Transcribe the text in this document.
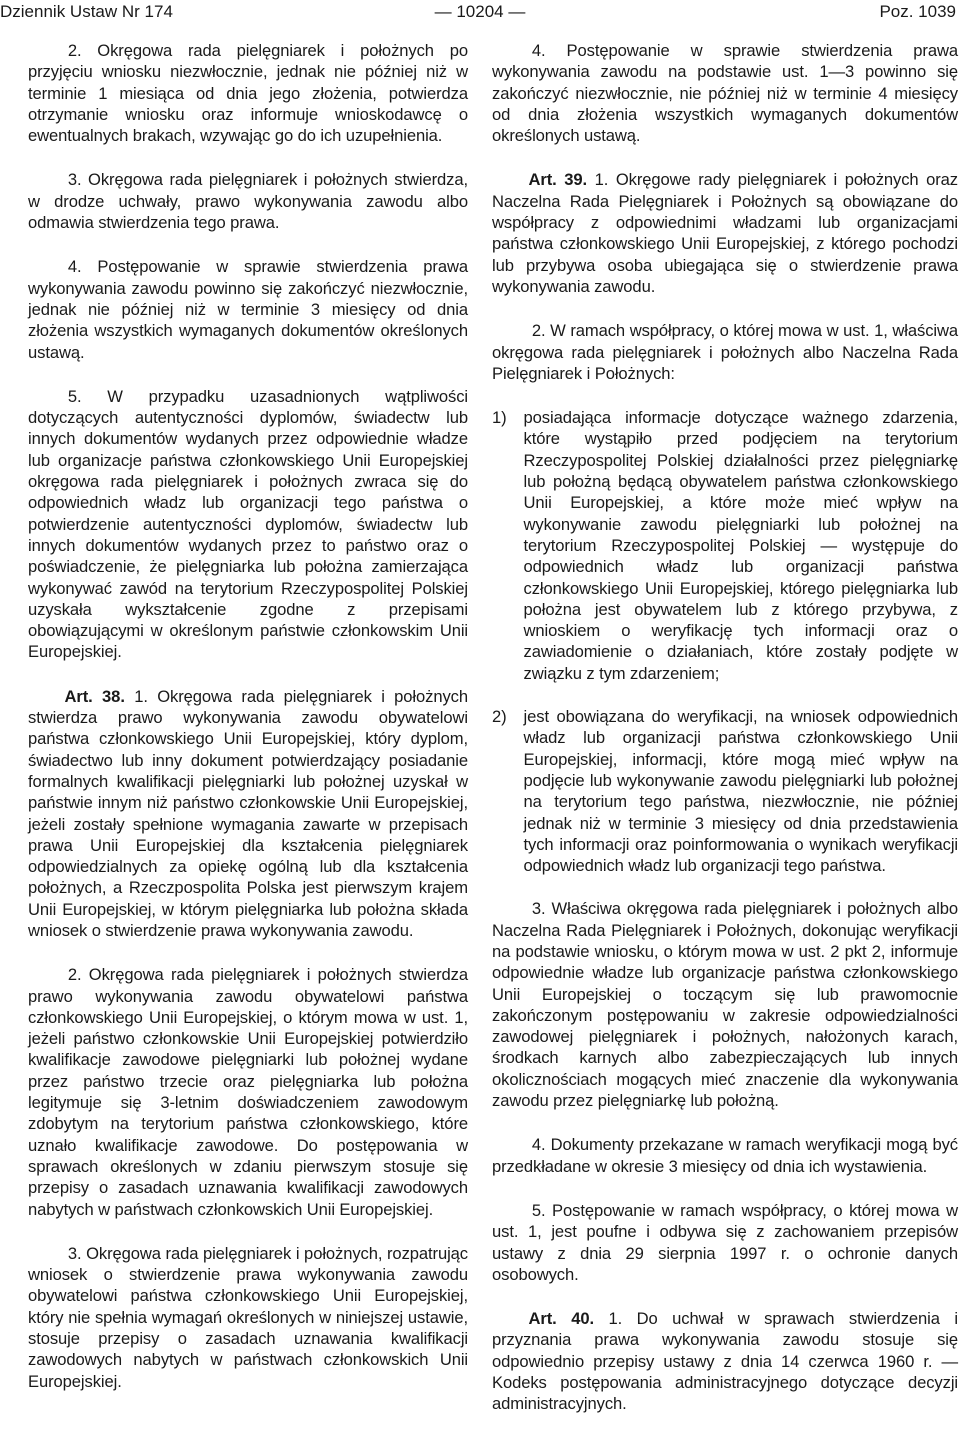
Dziennik Ustaw Nr 174	— 10204 —	Poz. 1039

2. Okręgowa rada pielęgniarek i położnych po przyjęciu wniosku niezwłocznie, jednak nie później niż w terminie 1 miesiąca od dnia jego złożenia, potwierdza otrzymanie wniosku oraz informuje wnioskodawcę o ewentualnych brakach, wzywając go do ich uzupełnienia.

3. Okręgowa rada pielęgniarek i położnych stwierdza, w drodze uchwały, prawo wykonywania zawodu albo odmawia stwierdzenia tego prawa.

4. Postępowanie w sprawie stwierdzenia prawa wykonywania zawodu powinno się zakończyć niezwłocznie, jednak nie później niż w terminie 3 miesięcy od dnia złożenia wszystkich wymaganych dokumentów określonych ustawą.

5. W przypadku uzasadnionych wątpliwości dotyczących autentyczności dyplomów, świadectw lub innych dokumentów wydanych przez odpowiednie władze lub organizacje państwa członkowskiego Unii Europejskiej okręgowa rada pielęgniarek i położnych zwraca się do odpowiednich władz lub organizacji tego państwa o potwierdzenie autentyczności dyplomów, świadectw lub innych dokumentów wydanych przez to państwo oraz o poświadczenie, że pielęgniarka lub położna zamierzająca wykonywać zawód na terytorium Rzeczypospolitej Polskiej uzyskała wykształcenie zgodne z przepisami obowiązującymi w określonym państwie członkowskim Unii Europejskiej.

Art. 38. 1. Okręgowa rada pielęgniarek i położnych stwierdza prawo wykonywania zawodu obywatelowi państwa członkowskiego Unii Europejskiej, który dyplom, świadectwo lub inny dokument potwierdzający posiadanie formalnych kwalifikacji pielęgniarki lub położnej uzyskał w państwie innym niż państwo członkowskie Unii Europejskiej, jeżeli zostały spełnione wymagania zawarte w przepisach prawa Unii Europejskiej dla kształcenia pielęgniarek odpowiedzialnych za opiekę ogólną lub dla kształcenia położnych, a Rzeczpospolita Polska jest pierwszym krajem Unii Europejskiej, w którym pielęgniarka lub położna składa wniosek o stwierdzenie prawa wykonywania zawodu.

2. Okręgowa rada pielęgniarek i położnych stwierdza prawo wykonywania zawodu obywatelowi państwa członkowskiego Unii Europejskiej, o którym mowa w ust. 1, jeżeli państwo członkowskie Unii Europejskiej potwierdziło kwalifikacje zawodowe pielęgniarki lub położnej wydane przez państwo trzecie oraz pielęgniarka lub położna legitymuje się 3-letnim doświadczeniem zawodowym zdobytym na terytorium państwa członkowskiego, które uznało kwalifikacje zawodowe. Do postępowania w sprawach określonych w zdaniu pierwszym stosuje się przepisy o zasadach uznawania kwalifikacji zawodowych nabytych w państwach członkowskich Unii Europejskiej.

3. Okręgowa rada pielęgniarek i położnych, rozpatrując wniosek o stwierdzenie prawa wykonywania zawodu obywatelowi państwa członkowskiego Unii Europejskiej, który nie spełnia wymagań określonych w niniejszej ustawie, stosuje przepisy o zasadach uznawania kwalifikacji zawodowych nabytych w państwach członkowskich Unii Europejskiej.

4. Postępowanie w sprawie stwierdzenia prawa wykonywania zawodu na podstawie ust. 1—3 powinno się zakończyć niezwłocznie, nie później niż w terminie 4 miesięcy od dnia złożenia wszystkich wymaganych dokumentów określonych ustawą.

Art. 39. 1. Okręgowe rady pielęgniarek i położnych oraz Naczelna Rada Pielęgniarek i Położnych są obowiązane do współpracy z odpowiednimi władzami lub organizacjami państwa członkowskiego Unii Europejskiej, z którego pochodzi lub przybywa osoba ubiegająca się o stwierdzenie prawa wykonywania zawodu.

2. W ramach współpracy, o której mowa w ust. 1, właściwa okręgowa rada pielęgniarek i położnych albo Naczelna Rada Pielęgniarek i Położnych:

1) posiadająca informacje dotyczące ważnego zdarzenia, które wystąpiło przed podjęciem na terytorium Rzeczypospolitej Polskiej działalności przez pielęgniarkę lub położną będącą obywatelem państwa członkowskiego Unii Europejskiej, a które może mieć wpływ na wykonywanie zawodu pielęgniarki lub położnej na terytorium Rzeczypospolitej Polskiej — występuje do odpowiednich władz lub organizacji państwa członkowskiego Unii Europejskiej, którego pielęgniarka lub położna jest obywatelem lub z którego przybywa, z wnioskiem o weryfikację tych informacji oraz o zawiadomienie o działaniach, które zostały podjęte w związku z tym zdarzeniem;
2) jest obowiązana do weryfikacji, na wniosek odpowiednich władz lub organizacji państwa członkowskiego Unii Europejskiej, informacji, które mogą mieć wpływ na podjęcie lub wykonywanie zawodu pielęgniarki lub położnej na terytorium tego państwa, niezwłocznie, nie później jednak niż w terminie 3 miesięcy od dnia przedstawienia tych informacji oraz poinformowania o wynikach weryfikacji odpowiednich władz lub organizacji tego państwa.

3. Właściwa okręgowa rada pielęgniarek i położnych albo Naczelna Rada Pielęgniarek i Położnych, dokonując weryfikacji na podstawie wniosku, o którym mowa w ust. 2 pkt 2, informuje odpowiednie władze lub organizacje państwa członkowskiego Unii Europejskiej o toczącym się lub prawomocnie zakończonym postępowaniu w zakresie odpowiedzialności zawodowej pielęgniarek i położnych, nałożonych karach, środkach karnych albo zabezpieczających lub innych okolicznościach mogących mieć znaczenie dla wykonywania zawodu przez pielęgniarkę lub położną.

4. Dokumenty przekazane w ramach weryfikacji mogą być przedkładane w okresie 3 miesięcy od dnia ich wystawienia.

5. Postępowanie w ramach współpracy, o której mowa w ust. 1, jest poufne i odbywa się z zachowaniem przepisów ustawy z dnia 29 sierpnia 1997 r. o ochronie danych osobowych.

Art. 40. 1. Do uchwał w sprawach stwierdzenia i przyznania prawa wykonywania zawodu stosuje się odpowiednio przepisy ustawy z dnia 14 czerwca 1960 r. — Kodeks postępowania administracyjnego dotyczące decyzji administracyjnych.
